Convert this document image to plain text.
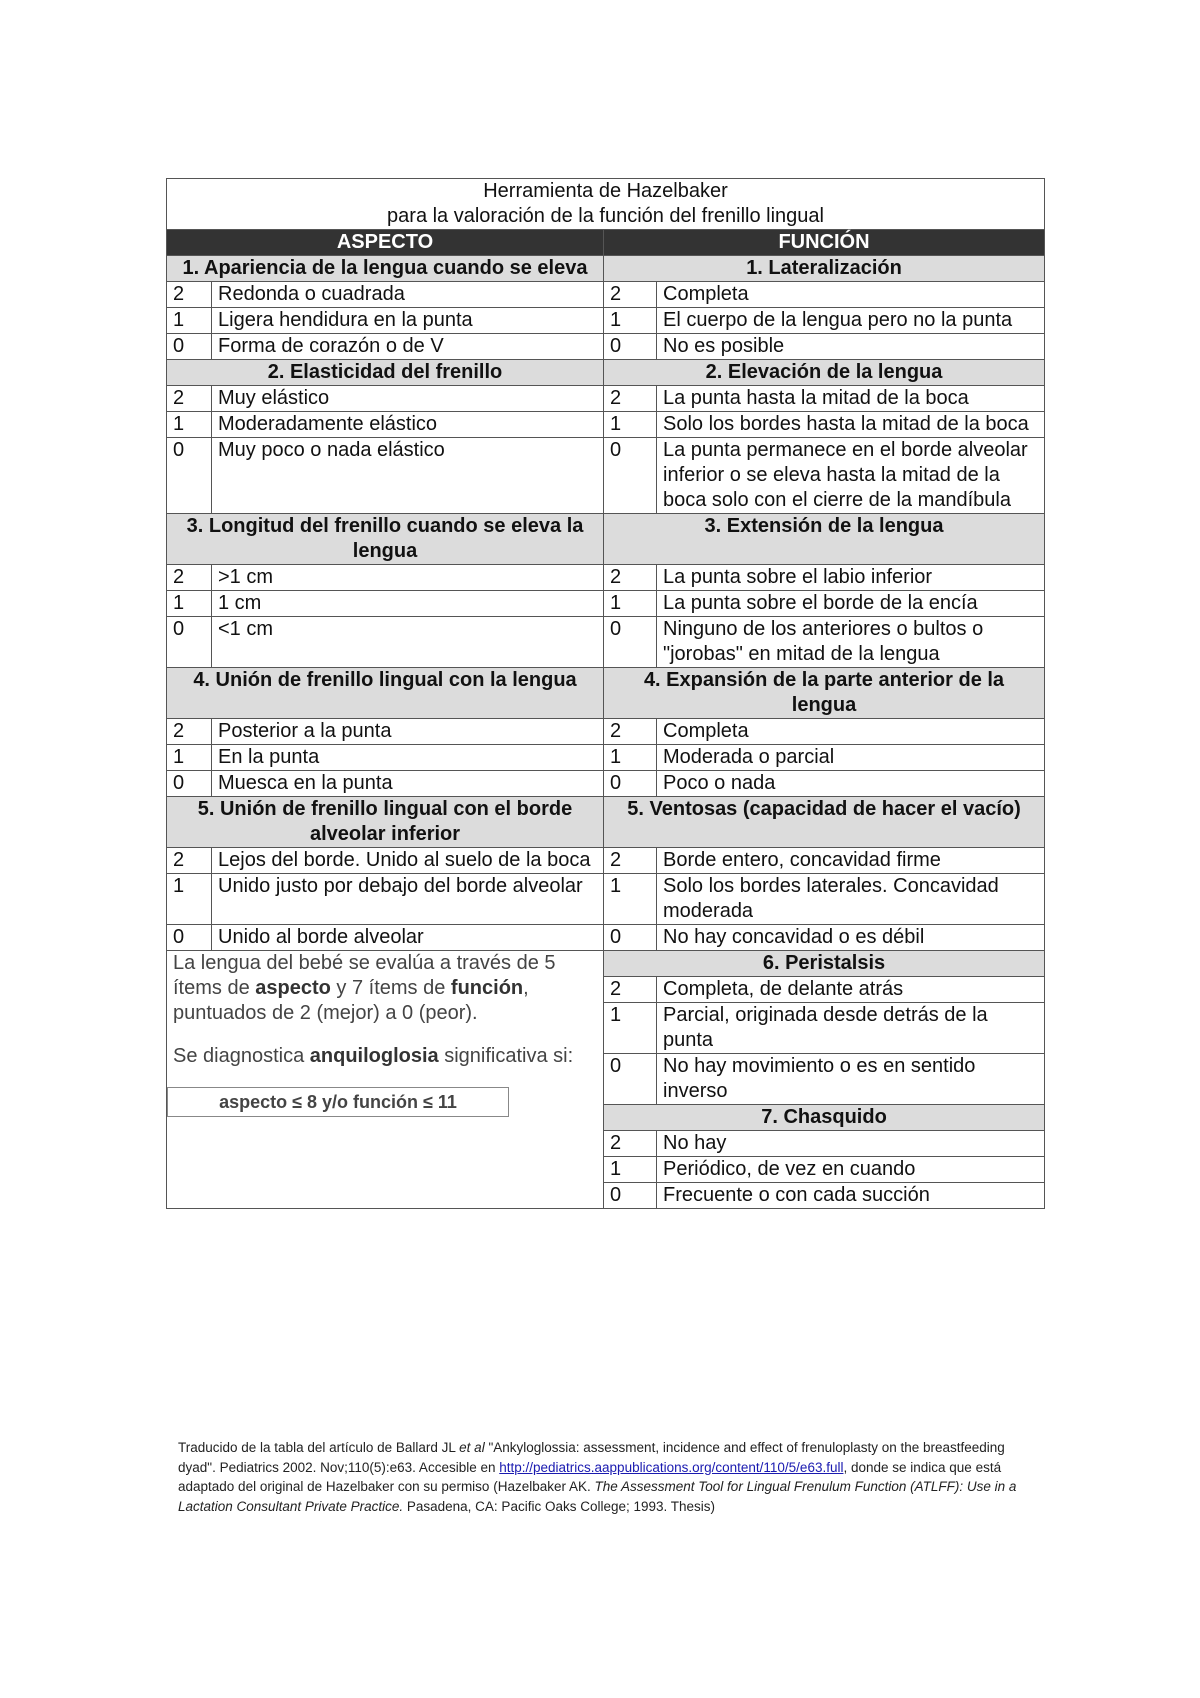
Herramienta de Hazelbaker
para la valoración de la función del frenillo lingual			

ASPECTO		FUNCIÓN	
1. Apariencia de la lengua cuando se eleva		1. Lateralización	
2	Redonda o cuadrada	2	Completa
1	Ligera hendidura en la punta	1	El cuerpo de la lengua pero no la punta
0	Forma de corazón o de V	0	No es posible
2. Elasticidad del frenillo		2. Elevación de la lengua	
2	Muy elástico	2	La punta hasta la mitad de la boca
1	Moderadamente elástico	1	Solo los bordes hasta la mitad de la boca
0	Muy poco o nada elástico	0	La punta permanece en el borde alveolar inferior o se eleva hasta la mitad de la boca solo con el cierre de la mandíbula
3. Longitud del frenillo cuando se eleva la lengua		3. Extensión de la lengua	
2	>1 cm	2	La punta sobre el labio inferior
1	1 cm	1	La punta sobre el borde de la encía
0	<1 cm	0	Ninguno de los anteriores o bultos o "jorobas" en mitad de la lengua
4. Unión de frenillo lingual con la lengua		4. Expansión de la parte anterior de la lengua	
2	Posterior a la punta	2	Completa
1	En la punta	1	Moderada o parcial
0	Muesca en la punta	0	Poco o nada
5. Unión de frenillo lingual con el borde alveolar inferior		5. Ventosas (capacidad de hacer el vacío)	
2	Lejos del borde. Unido al suelo de la boca	2	Borde entero, concavidad firme
1	Unido justo por debajo del borde alveolar	1	Solo los bordes laterales. Concavidad moderada
0	Unido al borde alveolar	0	No hay concavidad o es débil

La lengua del bebé se evalúa a través de 5 ítems de aspecto y 7 ítems de función, puntuados de 2 (mejor) a 0 (peor).

Se diagnostica anquiloglosia significativa si:

aspecto ≤ 8 y/o función ≤ 11		6. Peristalsis	
		2	Completa, de delante atrás
		1	Parcial, originada desde detrás de la punta
		0	No hay movimiento o es en sentido inverso
		7. Chasquido	
		2	No hay
		1	Periódico, de vez en cuando
		0	Frecuente o con cada succión
Traducido de la tabla del artículo de Ballard JL et al "Ankyloglossia: assessment, incidence and effect of frenuloplasty on the breastfeeding dyad". Pediatrics 2002. Nov;110(5):e63. Accesible en http://pediatrics.aappublications.org/content/110/5/e63.full, donde se indica que está adaptado del original de Hazelbaker con su permiso (Hazelbaker AK. The Assessment Tool for Lingual Frenulum Function (ATLFF): Use in a Lactation Consultant Private Practice. Pasadena, CA: Pacific Oaks College; 1993. Thesis)
